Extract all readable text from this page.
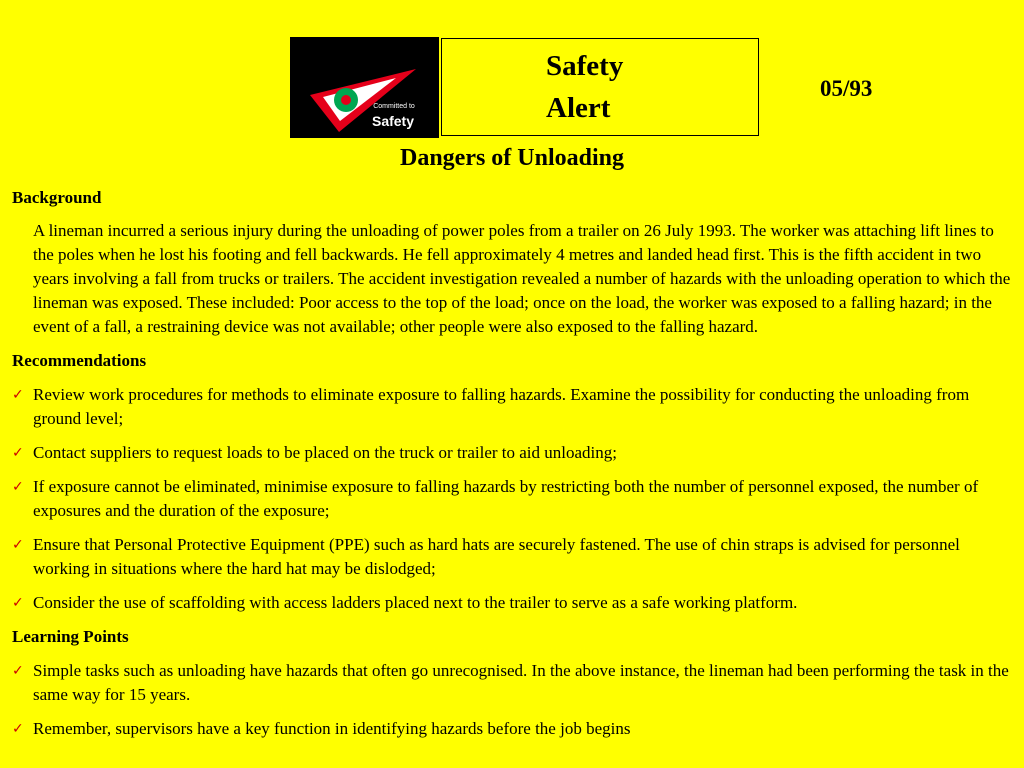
Committed to
Safety
Safety
Alert
05/93
Dangers of Unloading
Background

A lineman incurred a serious injury during the unloading of power poles from a trailer on 26 July 1993. The worker was attaching lift lines to the poles when he lost his footing and fell backwards. He fell approximately 4 metres and landed head first. This is the fifth accident in two years involving a fall from trucks or trailers. The accident investigation revealed a number of hazards with the unloading operation to which the lineman was exposed. These included: Poor access to the top of the load; once on the load, the worker was exposed to a falling hazard; in the event of a fall, a restraining device was not available; other people were also exposed to the falling hazard.

Recommendations
✓ Review work procedures for methods to eliminate exposure to falling hazards. Examine the possibility for conducting the unloading from ground level;
✓ Contact suppliers to request loads to be placed on the truck or trailer to aid unloading;
✓ If exposure cannot be eliminated, minimise exposure to falling hazards by restricting both the number of personnel exposed, the number of exposures and the duration of the exposure;
✓ Ensure that Personal Protective Equipment (PPE) such as hard hats are securely fastened. The use of chin straps is advised for personnel working in situations where the hard hat may be dislodged;
✓ Consider the use of scaffolding with access ladders placed next to the trailer to serve as a safe working platform.
Learning Points
✓ Simple tasks such as unloading have hazards that often go unrecognised. In the above instance, the lineman had been performing the task in the same way for 15 years.
✓ Remember, supervisors have a key function in identifying hazards before the job begins
